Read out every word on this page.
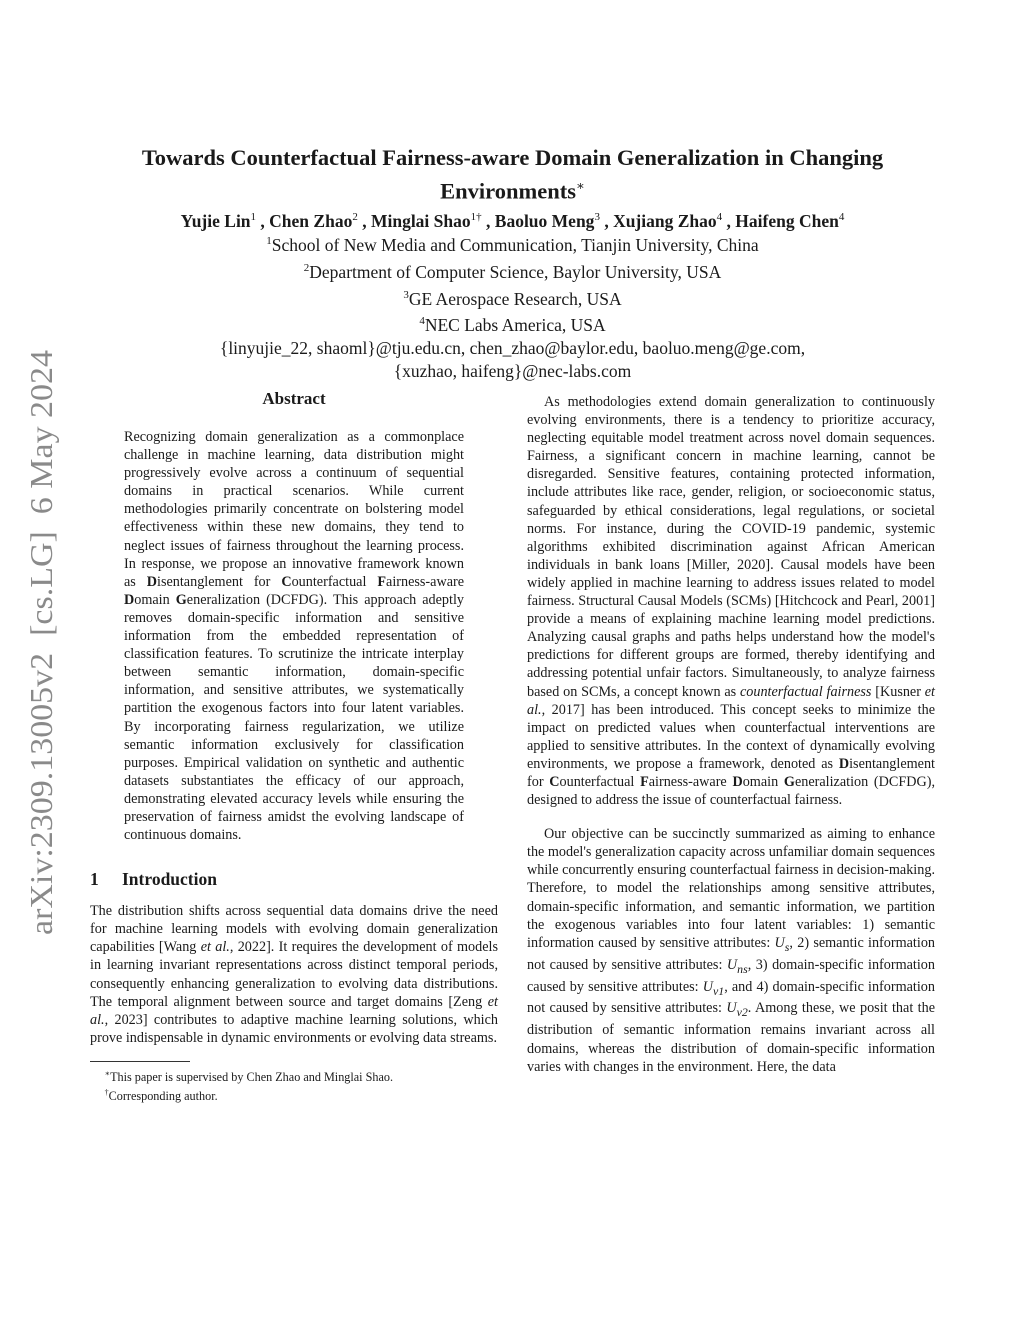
arXiv:2309.13005v2  [cs.LG]  6 May 2024
Towards Counterfactual Fairness-aware Domain Generalization in Changing Environments∗
Yujie Lin$^1$ , Chen Zhao$^2$ , Minglai Shao$^{1\dagger}$ , Baoluo Meng$^3$ , Xujiang Zhao$^4$ , Haifeng Chen$^4$
$^1$School of New Media and Communication, Tianjin University, China
$^2$Department of Computer Science, Baylor University, USA
$^3$GE Aerospace Research, USA
$^4$NEC Labs America, USA
{linyujie_22, shaoml}@tju.edu.cn, chen_zhao@baylor.edu, baoluo.meng@ge.com,
{xuzhao, haifeng}@nec-labs.com
Abstract
Recognizing domain generalization as a commonplace challenge in machine learning, data distribution might progressively evolve across a continuum of sequential domains in practical scenarios. While current methodologies primarily concentrate on bolstering model effectiveness within these new domains, they tend to neglect issues of fairness throughout the learning process. In response, we propose an innovative framework known as Disentanglement for Counterfactual Fairness-aware Domain Generalization (DCFDG). This approach adeptly removes domain-specific information and sensitive information from the embedded representation of classification features. To scrutinize the intricate interplay between semantic information, domain-specific information, and sensitive attributes, we systematically partition the exogenous factors into four latent variables. By incorporating fairness regularization, we utilize semantic information exclusively for classification purposes. Empirical validation on synthetic and authentic datasets substantiates the efficacy of our approach, demonstrating elevated accuracy levels while ensuring the preservation of fairness amidst the evolving landscape of continuous domains.
1 Introduction

The distribution shifts across sequential data domains drive the need for machine learning models with evolving domain generalization capabilities [Wang et al., 2022]. It requires the development of models in learning invariant representations across distinct temporal periods, consequently enhancing generalization to evolving data distributions. The temporal alignment between source and target domains [Zeng et al., 2023] contributes to adaptive machine learning solutions, which prove indispensable in dynamic environments or evolving data streams.

∗This paper is supervised by Chen Zhao and Minglai Shao.

†Corresponding author.

As methodologies extend domain generalization to continuously evolving environments, there is a tendency to prioritize accuracy, neglecting equitable model treatment across novel domain sequences. Fairness, a significant concern in machine learning, cannot be disregarded. Sensitive features, containing protected information, include attributes like race, gender, religion, or socioeconomic status, safeguarded by ethical considerations, legal regulations, or societal norms. For instance, during the COVID-19 pandemic, systemic algorithms exhibited discrimination against African American individuals in bank loans [Miller, 2020]. Causal models have been widely applied in machine learning to address issues related to model fairness. Structural Causal Models (SCMs) [Hitchcock and Pearl, 2001] provide a means of explaining machine learning model predictions. Analyzing causal graphs and paths helps understand how the model's predictions for different groups are formed, thereby identifying and addressing potential unfair factors. Simultaneously, to analyze fairness based on SCMs, a concept known as counterfactual fairness [Kusner et al., 2017] has been introduced. This concept seeks to minimize the impact on predicted values when counterfactual interventions are applied to sensitive attributes. In the context of dynamically evolving environments, we propose a framework, denoted as Disentanglement for Counterfactual Fairness-aware Domain Generalization (DCFDG), designed to address the issue of counterfactual fairness.

Our objective can be succinctly summarized as aiming to enhance the model's generalization capacity across unfamiliar domain sequences while concurrently ensuring counterfactual fairness in decision-making. Therefore, to model the relationships among sensitive attributes, domain-specific information, and semantic information, we partition the exogenous variables into four latent variables: 1) semantic information caused by sensitive attributes: $U_s$, 2) semantic information not caused by sensitive attributes: $U_{ns}$, 3) domain-specific information caused by sensitive attributes: $U_{v1}$, and 4) domain-specific information not caused by sensitive attributes: $U_{v2}$. Among these, we posit that the distribution of semantic information remains invariant across all domains, whereas the distribution of domain-specific information varies with changes in the environment. Here, the data
